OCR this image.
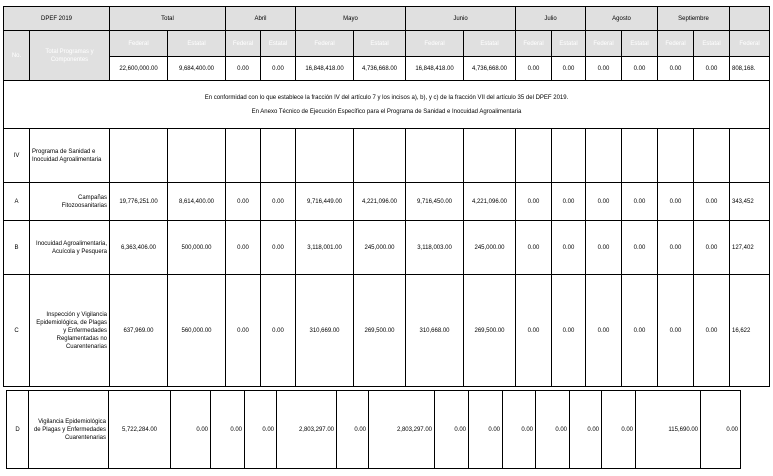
DPEF 2019		Total		Abril		Mayo		Junio		Julio		Agosto		Septiembre		
No.	Total Programas y Componentes	Federal	Estatal	Federal	Estatal	Federal	Estatal	Federal	Estatal	Federal	Estatal	Federal	Estatal	Federal	Estatal	Federal
		22,600,000.00	9,684,400.00	0.00	0.00	16,848,418.00	4,736,668.00	16,848,418.00	4,736,668.00	0.00	0.00	0.00	0.00	0.00	0.00	808,168.

En conformidad con lo que establece la fracción IV del artículo 7 y los incisos a), b), y c) de la fracción VII del artículo 35 del DPEF 2019.
En Anexo Técnico de Ejecución Específico para el Programa de Sanidad e Inocuidad Agroalimentaria																

IV	Programa de Sanidad e Inocuidad Agroalimentaria															
A	Campañas Fitozoosanitarias	19,776,251.00	8,614,400.00	0.00	0.00	9,716,449.00	4,221,096.00	9,716,450.00	4,221,096.00	0.00	0.00	0.00	0.00	0.00	0.00	343,452
B	Inocuidad Agroalimentaria, Acuícola y Pesquera	6,363,406.00	500,000.00	0.00	0.00	3,118,001.00	245,000.00	3,118,003.00	245,000.00	0.00	0.00	0.00	0.00	0.00	0.00	127,402
C	Inspección y Vigilancia Epidemiológica, de Plagas y Enfermedades Reglamentadas no Cuarentenarias	637,969.00	560,000.00	0.00	0.00	310,669.00	269,500.00	310,668.00	269,500.00	0.00	0.00	0.00	0.00	0.00	0.00	16,622
D	Vigilancia Epidemiológica de Plagas y Enfermedades Cuarentenarias	5,722,284.00	0.00	0.00	0.00	2,803,297.00	0.00	2,803,297.00	0.00	0.00	0.00	0.00	0.00	0.00	115,690.00	0.00
